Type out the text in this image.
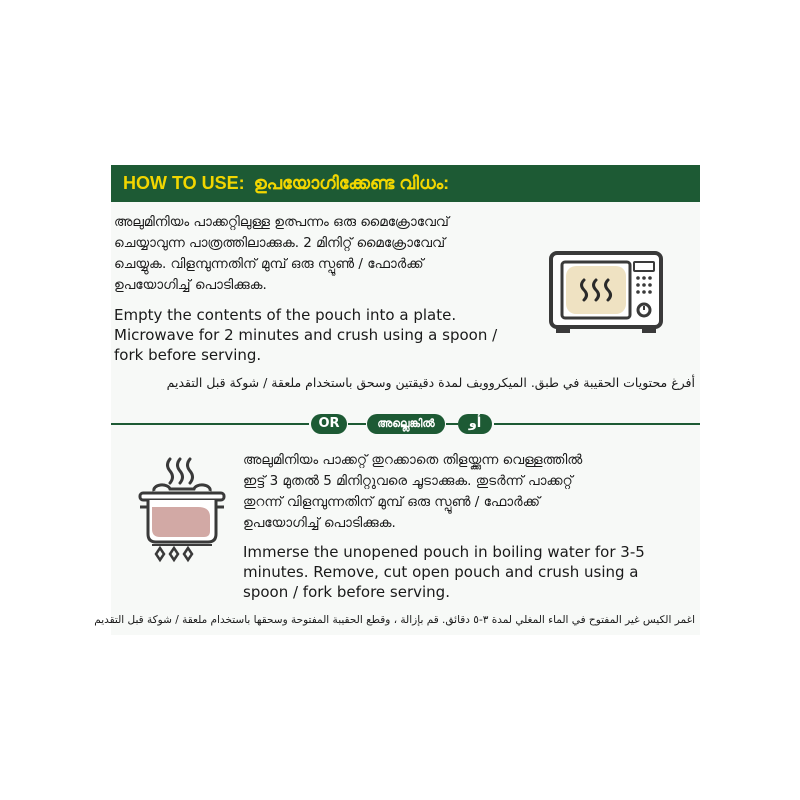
HOW TO USE: ഉപയോഗിക്കേണ്ട വിധം:
അലുമിനിയം പാക്കറ്റിലുള്ള ഉത്പന്നം ഒരു മൈക്രോവേവ്
ചെയ്യാവുന്ന പാത്രത്തിലാക്കുക. 2 മിനിറ്റ് മൈക്രോവേവ്
ചെയ്യുക. വിളമ്പുന്നതിന് മുമ്പ് ഒരു സ്പൂൺ / ഫോർക്ക്
ഉപയോഗിച്ച് പൊടിക്കുക.
Empty the contents of the pouch into a plate.
Microwave for 2 minutes and crush using a spoon /
fork before serving.
أفرغ محتويات الحقيبة في طبق. الميكروويف لمدة دقيقتين وسحق باستخدام ملعقة / شوكة قبل التقديم
OR	അല്ലെങ്കിൽ	أو
അലുമിനിയം പാക്കറ്റ് തുറക്കാതെ തിളയ്ക്കുന്ന വെള്ളത്തിൽ
ഇട്ട് 3 മുതൽ 5 മിനിറ്റുവരെ ചൂടാക്കുക. തുടർന്ന് പാക്കറ്റ്
തുറന്ന് വിളമ്പുന്നതിന് മുമ്പ് ഒരു സ്പൂൺ / ഫോർക്ക്
ഉപയോഗിച്ച് പൊടിക്കുക.
Immerse the unopened pouch in boiling water for 3-5
minutes. Remove, cut open pouch and crush using a
spoon / fork before serving.
اغمر الكيس غير المفتوح في الماء المغلي لمدة ٣-٥ دقائق. قم بإزالة ، وقطع الحقيبة المفتوحة وسحقها باستخدام ملعقة / شوكة قبل التقديم
